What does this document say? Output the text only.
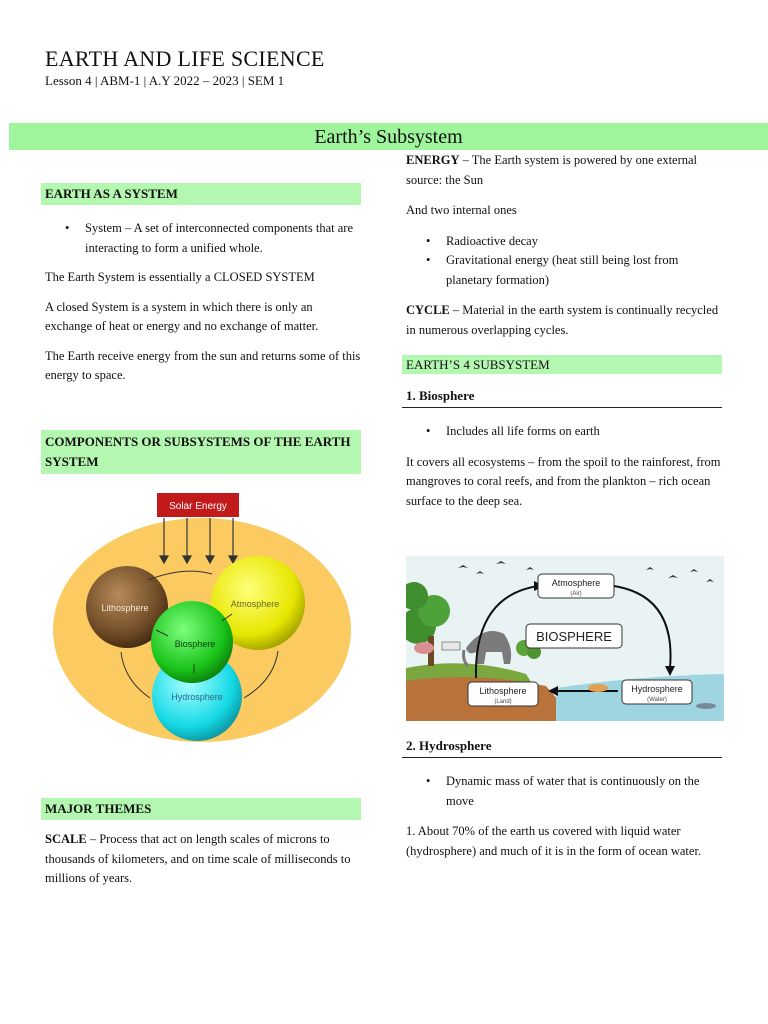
EARTH AND LIFE SCIENCE
Lesson 4 | ABM-1 | A.Y 2022 – 2023 | SEM 1
Earth’s Subsystem
EARTH AS A SYSTEM
•	System – A set of interconnected components that are interacting to form a unified whole.
The Earth System is essentially a CLOSED SYSTEM
A closed System is a system in which there is only an exchange of heat or energy and no exchange of matter.
The Earth receive energy from the sun and returns some of this energy to space.
COMPONENTS OR SUBSYSTEMS OF THE EARTH SYSTEM
Solar Energy
Lithosphere	Atmosphere
Hydrosphere
Biosphere
MAJOR THEMES
SCALE – Process that act on length scales of microns to thousands of kilometers, and on time scale of milliseconds to millions of years.
ENERGY – The Earth system is powered by one external source: the Sun
And two internal ones
•	Radioactive decay
•	Gravitational energy (heat still being lost from planetary formation)
CYCLE – Material in the earth system is continually recycled in numerous overlapping cycles.
EARTH’S 4 SUBSYSTEM
1. Biosphere
•	Includes all life forms on earth
It covers all ecosystems – from the spoil to the rainforest, from mangroves to coral reefs, and from the plankton – rich ocean surface to the deep sea.
Atmosphere
(Air)
BIOSPHERE
Lithosphere
(Land)
Hydrosphere
(Water)
2. Hydrosphere
•	Dynamic mass of water that is continuously on the move
1. About 70% of the earth us covered with liquid water (hydrosphere) and much of it is in the form of ocean water.
